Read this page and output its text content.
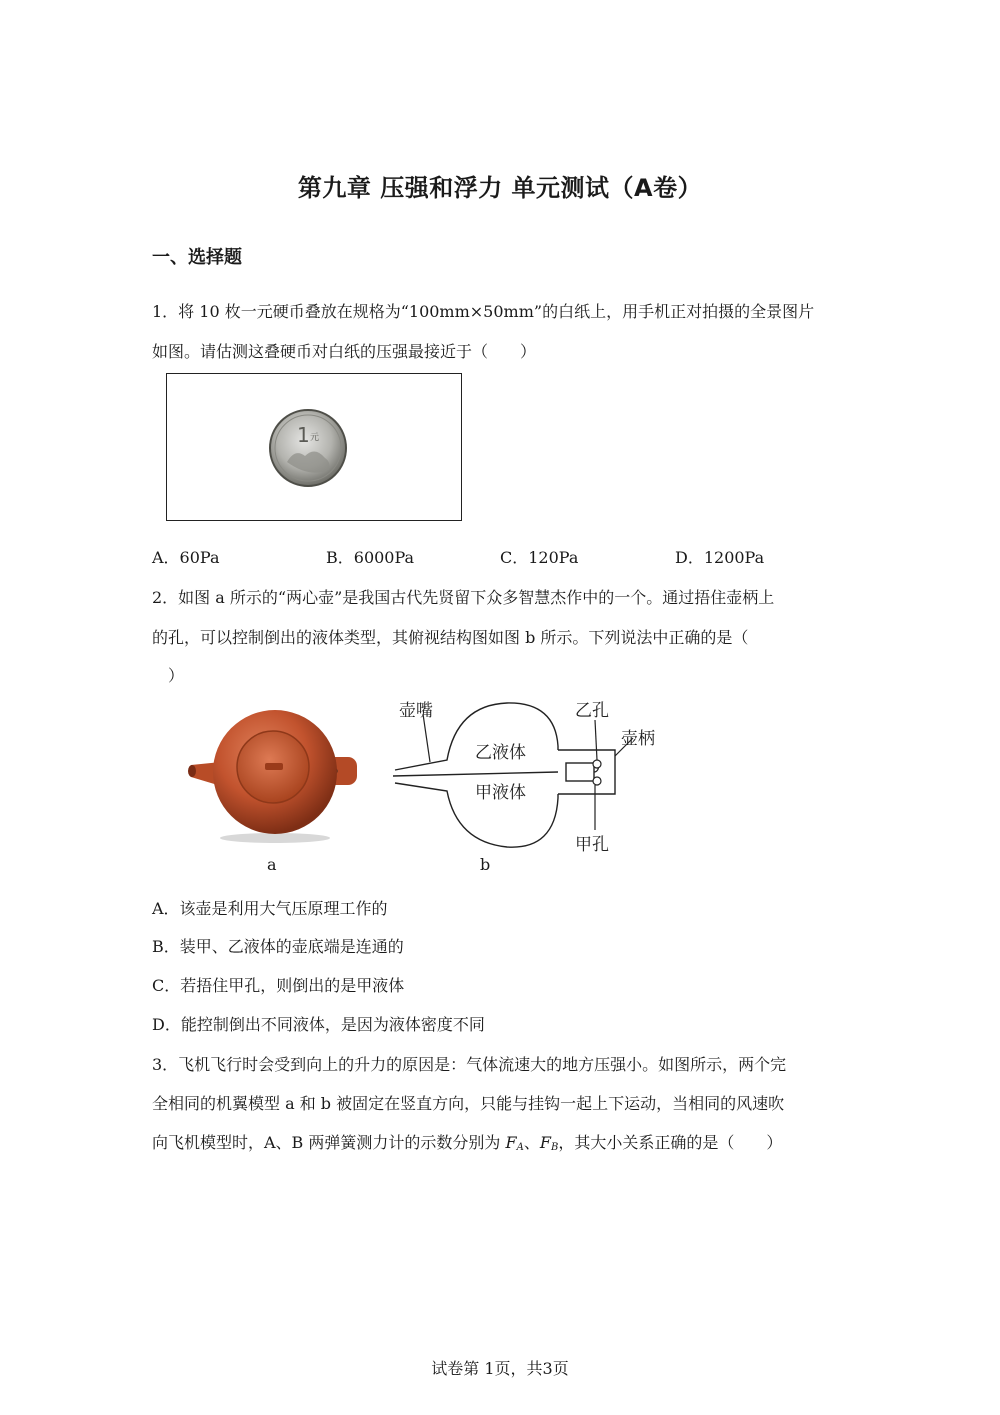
第九章 压强和浮力 单元测试（A卷）
一、选择题
1．将 10 枚一元硬币叠放在规格为“100mm×50mm”的白纸上，用手机正对拍摄的全景图片
如图。请估测这叠硬币对白纸的压强最接近于（　　）
1 元
A．60Pa	B．6000Pa	C．120Pa	D．1200Pa
2．如图 a 所示的“两心壶”是我国古代先贤留下众多智慧杰作中的一个。通过捂住壶柄上
的孔，可以控制倒出的液体类型，其俯视结构图如图 b 所示。下列说法中正确的是（
　）
a
壶嘴	乙孔
壶柄
乙液体
甲液体
甲孔
b
A．该壶是利用大气压原理工作的
B．装甲、乙液体的壶底端是连通的
C．若捂住甲孔，则倒出的是甲液体
D．能控制倒出不同液体，是因为液体密度不同
3．飞机飞行时会受到向上的升力的原因是：气体流速大的地方压强小。如图所示，两个完
全相同的机翼模型 a 和 b 被固定在竖直方向，只能与挂钩一起上下运动，当相同的风速吹
向飞机模型时，A、B 两弹簧测力计的示数分别为 $F_A$、$F_B$，其大小关系正确的是（　　）
试卷第 1页，共3页
